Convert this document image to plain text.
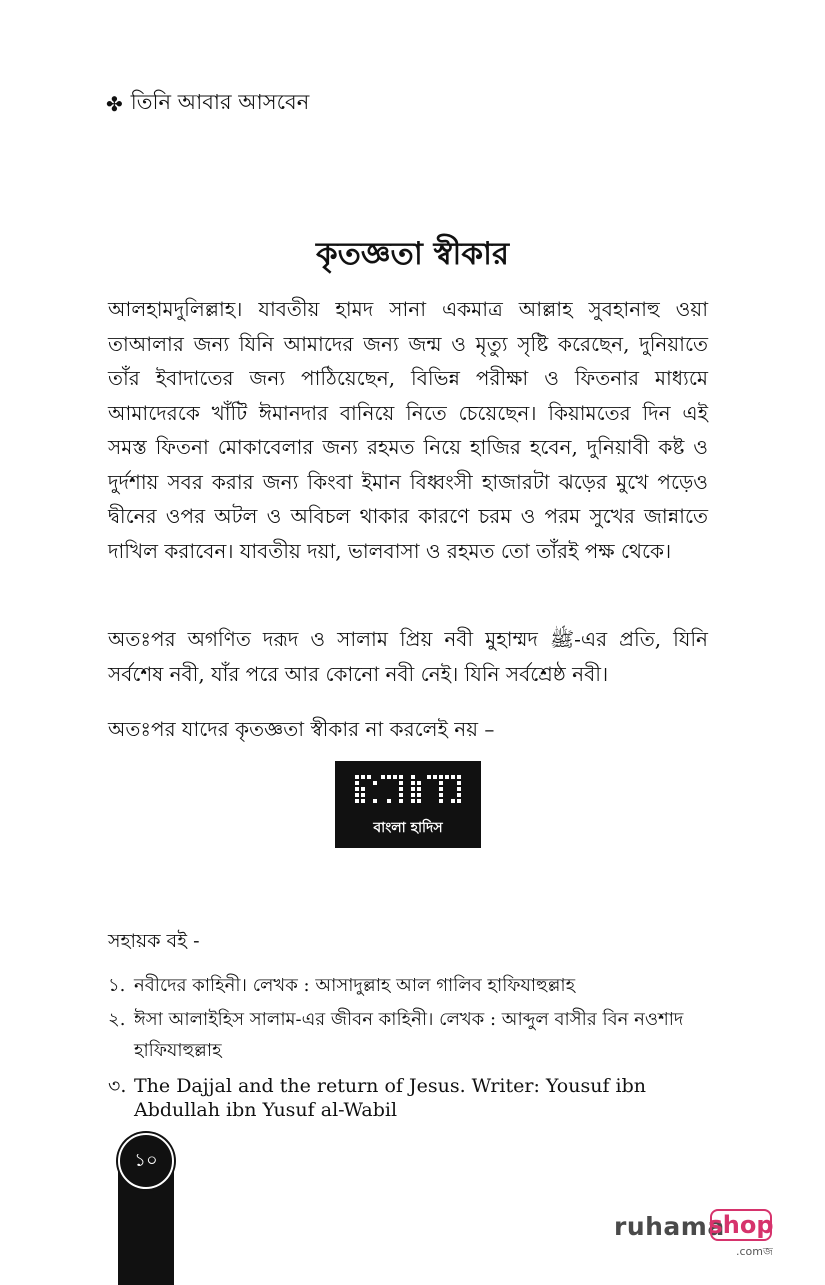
✤ তিনি আবার আসবেন
কৃতজ্ঞতা স্বীকার

আলহামদুলিল্লাহ। যাবতীয় হামদ সানা একমাত্র আল্লাহ সুবহানাহু ওয়া তাআলার জন্য যিনি আমাদের জন্য জন্ম ও মৃত্যু সৃষ্টি করেছেন, দুনিয়াতে তাঁর ইবাদাতের জন্য পাঠিয়েছেন, বিভিন্ন পরীক্ষা ও ফিতনার মাধ্যমে আমাদেরকে খাঁটি ঈমানদার বানিয়ে নিতে চেয়েছেন। কিয়ামতের দিন এই সমস্ত ফিতনা মোকাবেলার জন্য রহমত নিয়ে হাজির হবেন, দুনিয়াবী কষ্ট ও দুর্দশায় সবর করার জন্য কিংবা ইমান বিধ্বংসী হাজারটা ঝড়ের মুখে পড়েও দ্বীনের ওপর অটল ও অবিচল থাকার কারণে চরম ও পরম সুখের জান্নাতে দাখিল করাবেন। যাবতীয় দয়া, ভালবাসা ও রহমত তো তাঁরই পক্ষ থেকে।

অতঃপর অগণিত দরূদ ও সালাম প্রিয় নবী মুহাম্মদ ﷺ-এর প্রতি, যিনি সর্বশেষ নবী, যাঁর পরে আর কোনো নবী নেই। যিনি সর্বশ্রেষ্ঠ নবী।

অতঃপর যাদের কৃতজ্ঞতা স্বীকার না করলেই নয় –

বাংলা হাদিস
সহায়ক বই -
১. নবীদের কাহিনী। লেখক : আসাদুল্লাহ আল গালিব হাফিযাহুল্লাহ
২. ঈসা আলাইহিস সালাম-এর জীবন কাহিনী। লেখক : আব্দুল বাসীর বিন নওশাদ হাফিযাহুল্লাহ
৩. The Dajjal and the return of Jesus. Writer: Yousuf ibn Abdullah ibn Yusuf al-Wabil
১০
ruhama
shop
.comজ
